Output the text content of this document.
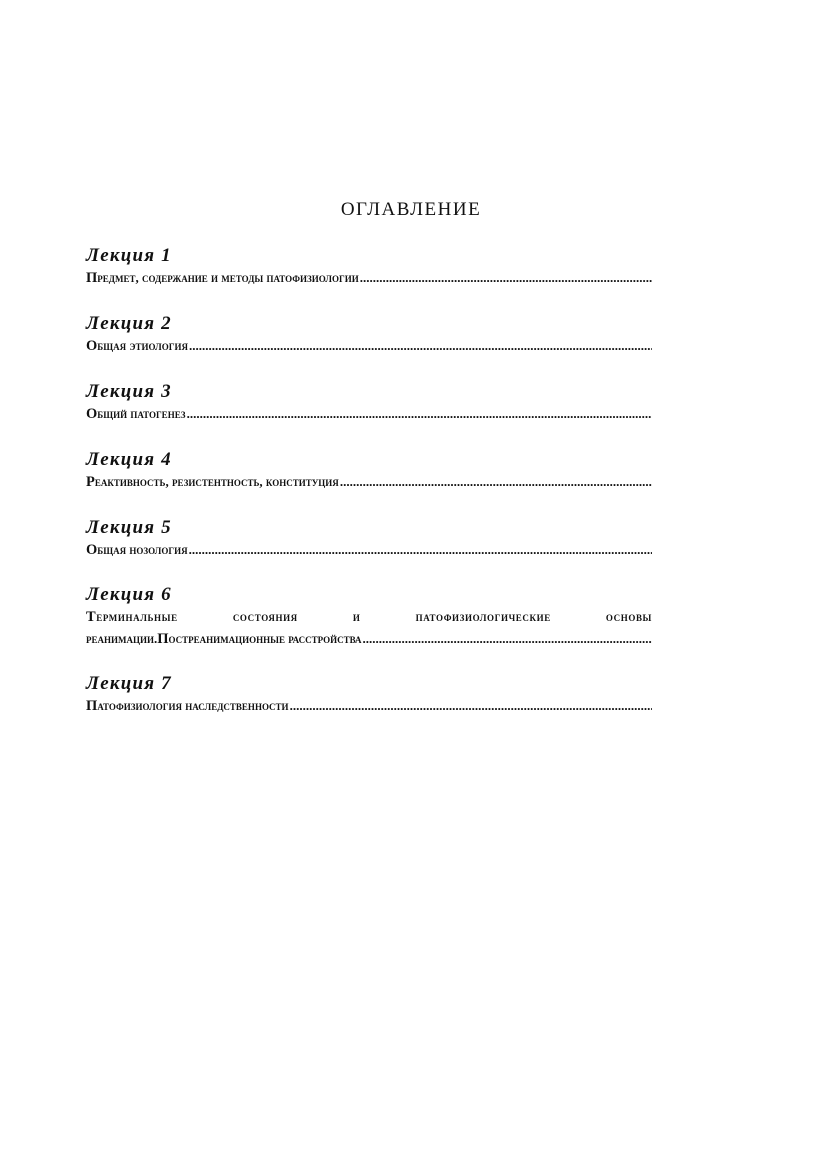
ОГЛАВЛЕНИЕ
Лекция 1
П редмет, содержание и методы патофизиологии
.....
Лекция 2
О бщая этиология
.....
Лекция 3
О бщий патогенез
.....
Лекция 4
Р еактивность, резистентность, конституция
.....
Лекция 5
О бщая нозология
.....
Лекция 6
Терминальные состояния и патофизиологические основы
реанимации. П остреанимационные расстройства
.....
Лекция 7
П атофизиология наследственности
.....
